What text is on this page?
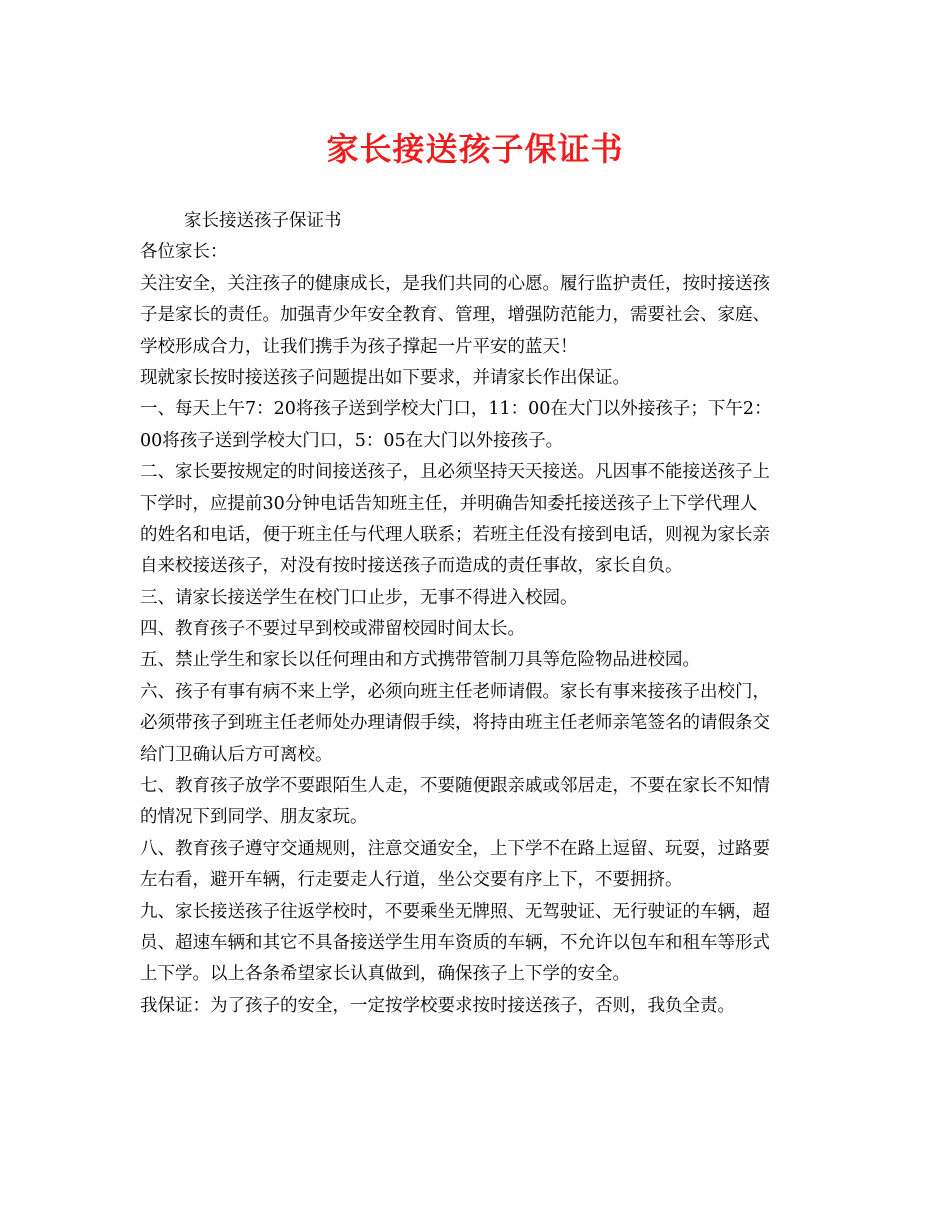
家长接送孩子保证书
家长接送孩子保证书
各位家长：
关注安全，关注孩子的健康成长，是我们共同的心愿。履行监护责任，按时接送孩
子是家长的责任。加强青少年安全教育、管理，增强防范能力，需要社会、家庭、
学校形成合力，让我们携手为孩子撑起一片平安的蓝天！
现就家长按时接送孩子问题提出如下要求，并请家长作出保证。
一、每天上午7：20将孩子送到学校大门口，11：00在大门以外接孩子；下午2：
00将孩子送到学校大门口，5：05在大门以外接孩子。
二、家长要按规定的时间接送孩子，且必须坚持天天接送。凡因事不能接送孩子上
下学时，应提前30分钟电话告知班主任，并明确告知委托接送孩子上下学代理人
的姓名和电话，便于班主任与代理人联系；若班主任没有接到电话，则视为家长亲
自来校接送孩子，对没有按时接送孩子而造成的责任事故，家长自负。
三、请家长接送学生在校门口止步，无事不得进入校园。
四、教育孩子不要过早到校或滞留校园时间太长。
五、禁止学生和家长以任何理由和方式携带管制刀具等危险物品进校园。
六、孩子有事有病不来上学，必须向班主任老师请假。家长有事来接孩子出校门，
必须带孩子到班主任老师处办理请假手续，将持由班主任老师亲笔签名的请假条交
给门卫确认后方可离校。
七、教育孩子放学不要跟陌生人走，不要随便跟亲戚或邻居走，不要在家长不知情
的情况下到同学、朋友家玩。
八、教育孩子遵守交通规则，注意交通安全，上下学不在路上逗留、玩耍，过路要
左右看，避开车辆，行走要走人行道，坐公交要有序上下，不要拥挤。
九、家长接送孩子往返学校时，不要乘坐无牌照、无驾驶证、无行驶证的车辆，超
员、超速车辆和其它不具备接送学生用车资质的车辆，不允许以包车和租车等形式
上下学。以上各条希望家长认真做到，确保孩子上下学的安全。
我保证：为了孩子的安全，一定按学校要求按时接送孩子，否则，我负全责。
